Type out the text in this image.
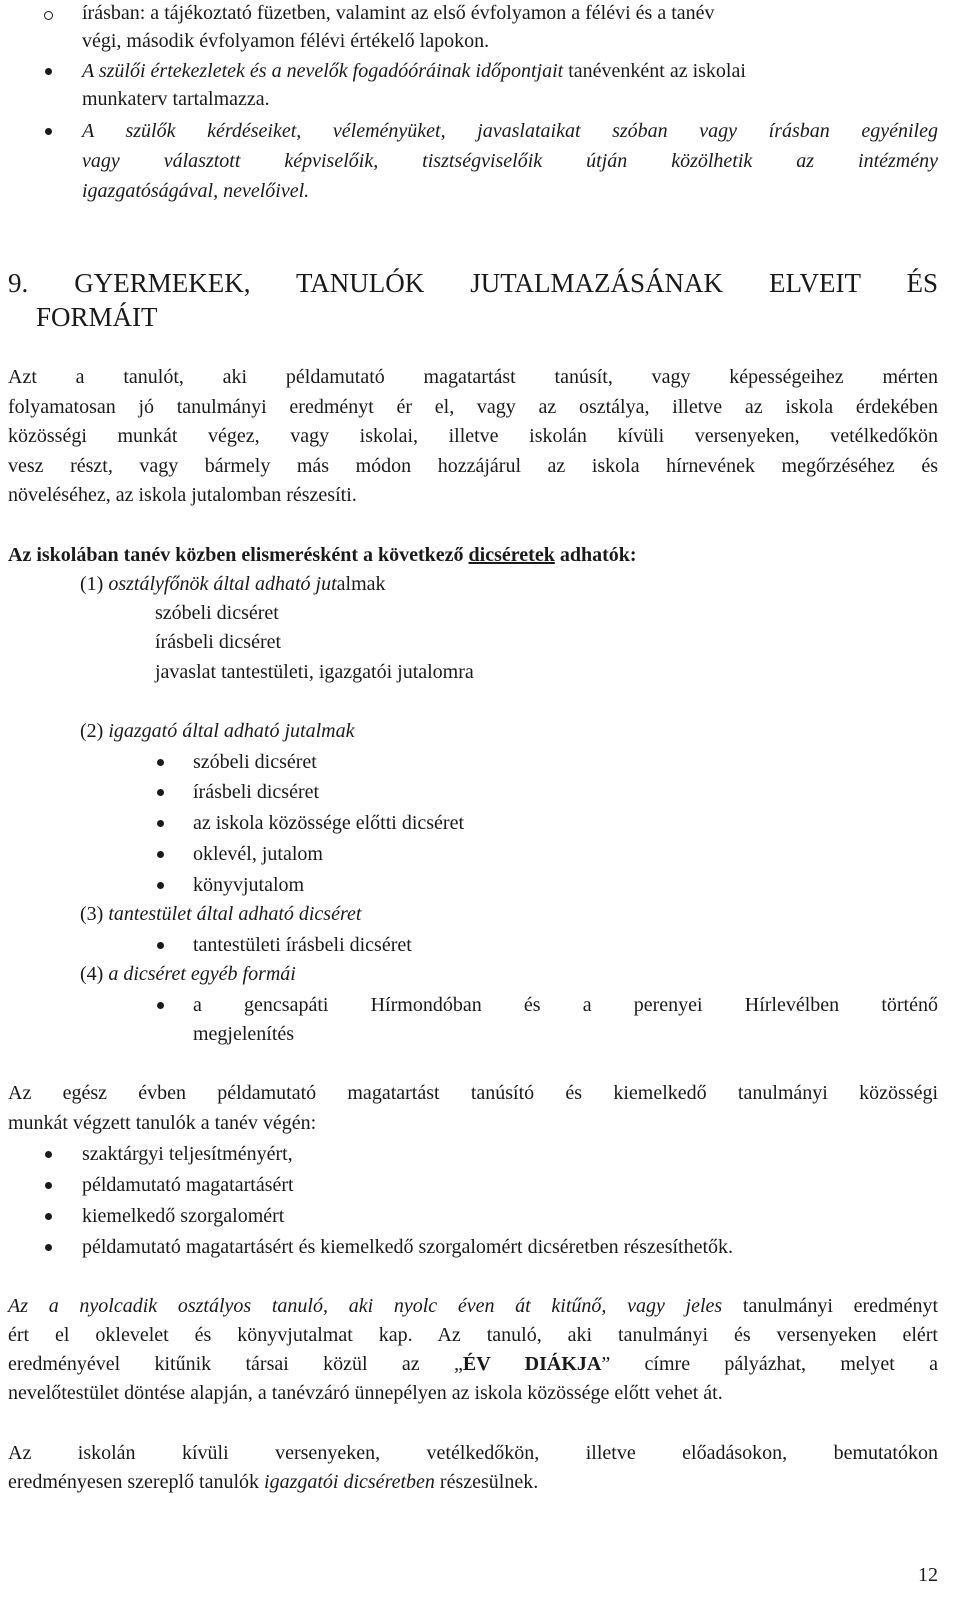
írásban: a tájékoztató füzetben, valamint az első évfolyamon a félévi és a tanév
végi, második évfolyamon félévi értékelő lapokon.
A szülői értekezletek és a nevelők fogadóóráinak időpontjait tanévenként az iskolai
munkaterv tartalmazza.
A szülők kérdéseiket, véleményüket, javaslataikat szóban vagy írásban egyénileg
vagy választott képviselőik, tisztségviselőik útján közölhetik az intézmény
igazgatóságával, nevelőivel.
9. GYERMEKEK, TANULÓK JUTALMAZÁSÁNAK ELVEIT ÉS
FORMÁIT
Azt a tanulót, aki példamutató magatartást tanúsít, vagy képességeihez mérten
folyamatosan jó tanulmányi eredményt ér el, vagy az osztálya, illetve az iskola érdekében
közösségi munkát végez, vagy iskolai, illetve iskolán kívüli versenyeken, vetélkedőkön
vesz részt, vagy bármely más módon hozzájárul az iskola hírnevének megőrzéséhez és
növeléséhez, az iskola jutalomban részesíti.
Az iskolában tanév közben elismerésként a következő dicséretek adhatók:
(1) osztályfőnök által adható jutalmak
szóbeli dicséret
írásbeli dicséret
javaslat tantestületi, igazgatói jutalomra
(2) igazgató által adható jutalmak
szóbeli dicséret
írásbeli dicséret
az iskola közössége előtti dicséret
oklevél, jutalom
könyvjutalom
(3) tantestület által adható dicséret
tantestületi írásbeli dicséret
(4) a dicséret egyéb formái
a gencsapáti Hírmondóban és a perenyei Hírlevélben történő
megjelenítés
Az egész évben példamutató magatartást tanúsító és kiemelkedő tanulmányi közösségi
munkát végzett tanulók a tanév végén:
szaktárgyi teljesítményért,
példamutató magatartásért
kiemelkedő szorgalomért
példamutató magatartásért és kiemelkedő szorgalomért dicséretben részesíthetők.
Az a nyolcadik osztályos tanuló, aki nyolc éven át kitűnő, vagy jeles tanulmányi eredményt
ért el oklevelet és könyvjutalmat kap. Az tanuló, aki tanulmányi és versenyeken elért
eredményével kitűnik társai közül az „ÉV DIÁKJA” címre pályázhat, melyet a
nevelőtestület döntése alapján, a tanévzáró ünnepélyen az iskola közössége előtt vehet át.
Az iskolán kívüli versenyeken, vetélkedőkön, illetve előadásokon, bemutatókon
eredményesen szereplő tanulók igazgatói dicséretben részesülnek.
12
